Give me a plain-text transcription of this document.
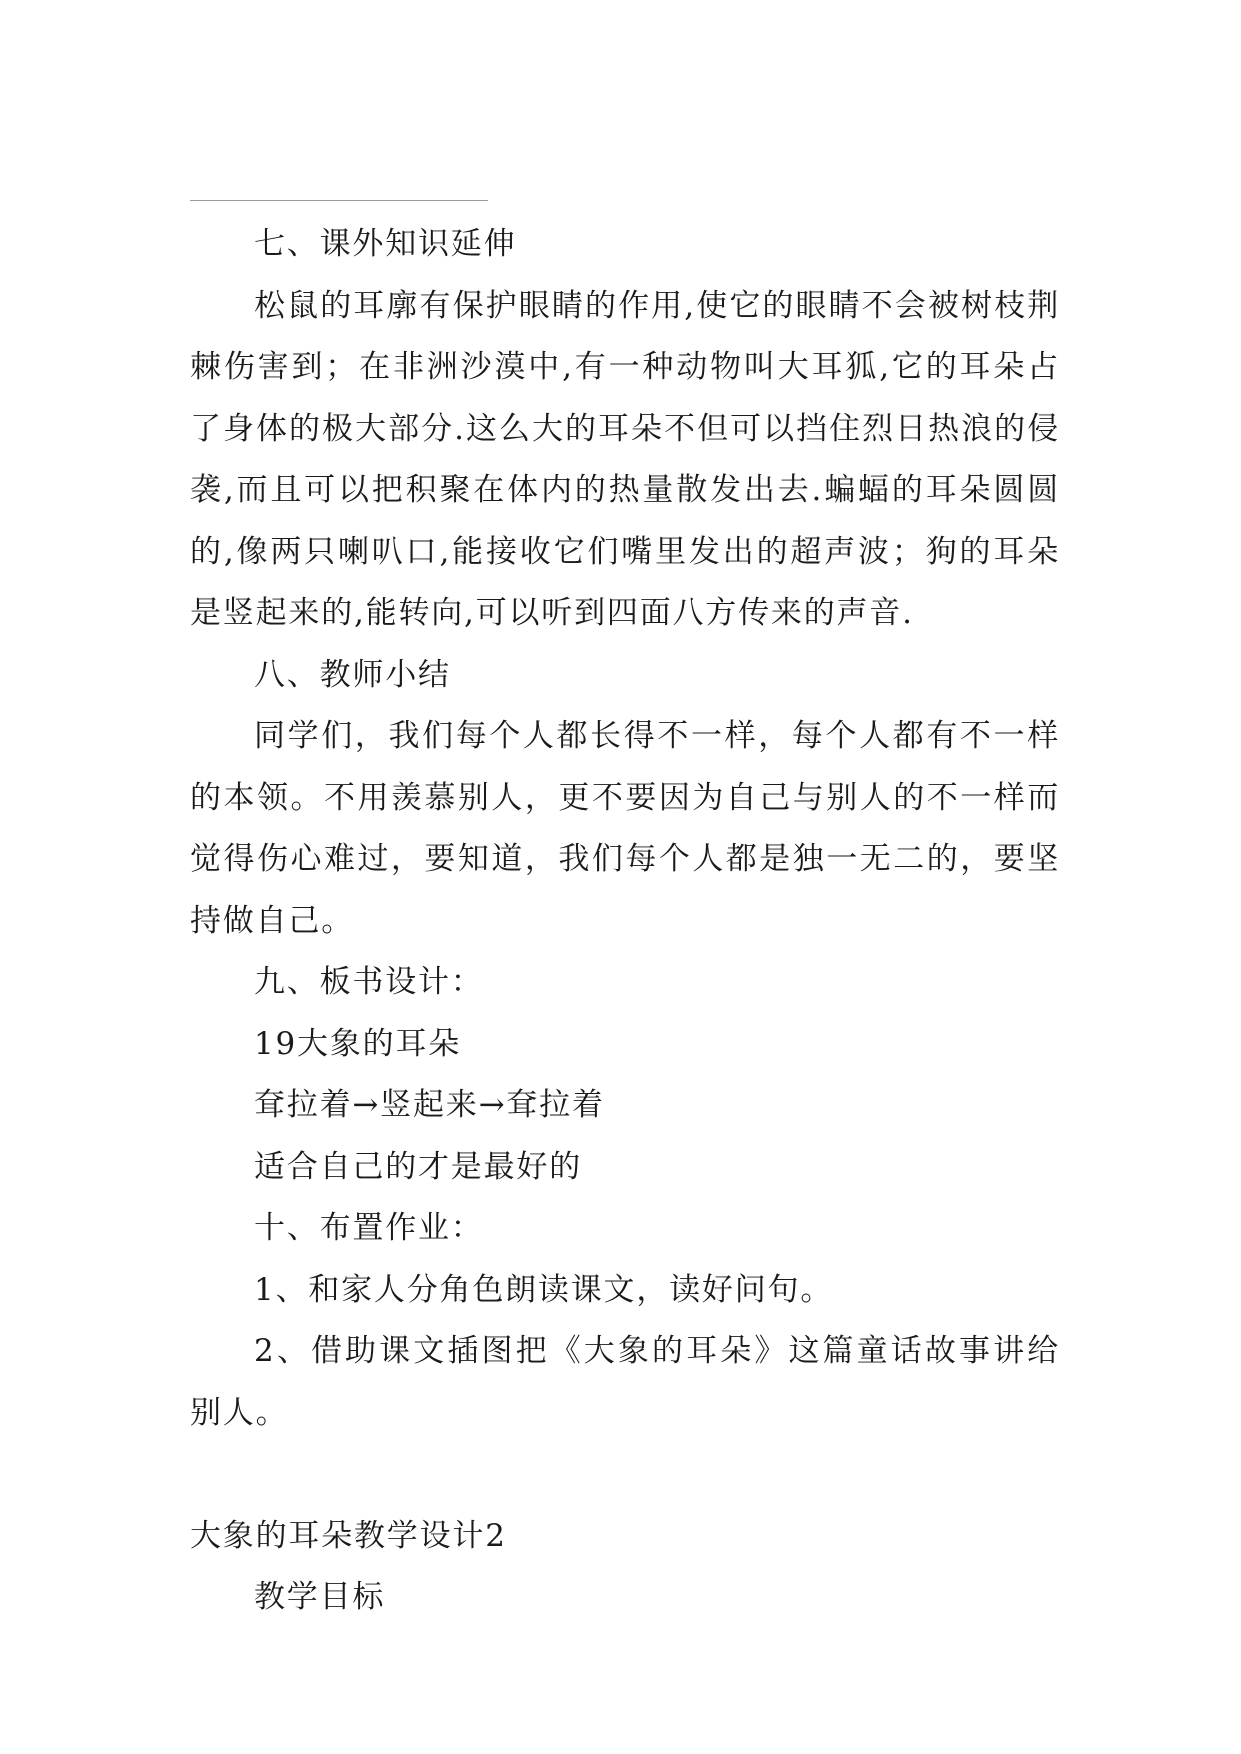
七、课外知识延伸

松鼠的耳廓有保护眼睛的作用,使它的眼睛不会被树枝荆棘伤害到；在非洲沙漠中,有一种动物叫大耳狐,它的耳朵占了身体的极大部分.这么大的耳朵不但可以挡住烈日热浪的侵袭,而且可以把积聚在体内的热量散发出去.蝙蝠的耳朵圆圆的,像两只喇叭口,能接收它们嘴里发出的超声波；狗的耳朵是竖起来的,能转向,可以听到四面八方传来的声音.

八、教师小结

同学们，我们每个人都长得不一样，每个人都有不一样的本领。不用羡慕别人，更不要因为自己与别人的不一样而觉得伤心难过，要知道，我们每个人都是独一无二的，要坚持做自己。

九、板书设计：

19大象的耳朵

耷拉着→竖起来→耷拉着

适合自己的才是最好的

十、布置作业：

1、和家人分角色朗读课文，读好问句。

2、借助课文插图把《大象的耳朵》这篇童话故事讲给别人。

大象的耳朵教学设计2

教学目标
